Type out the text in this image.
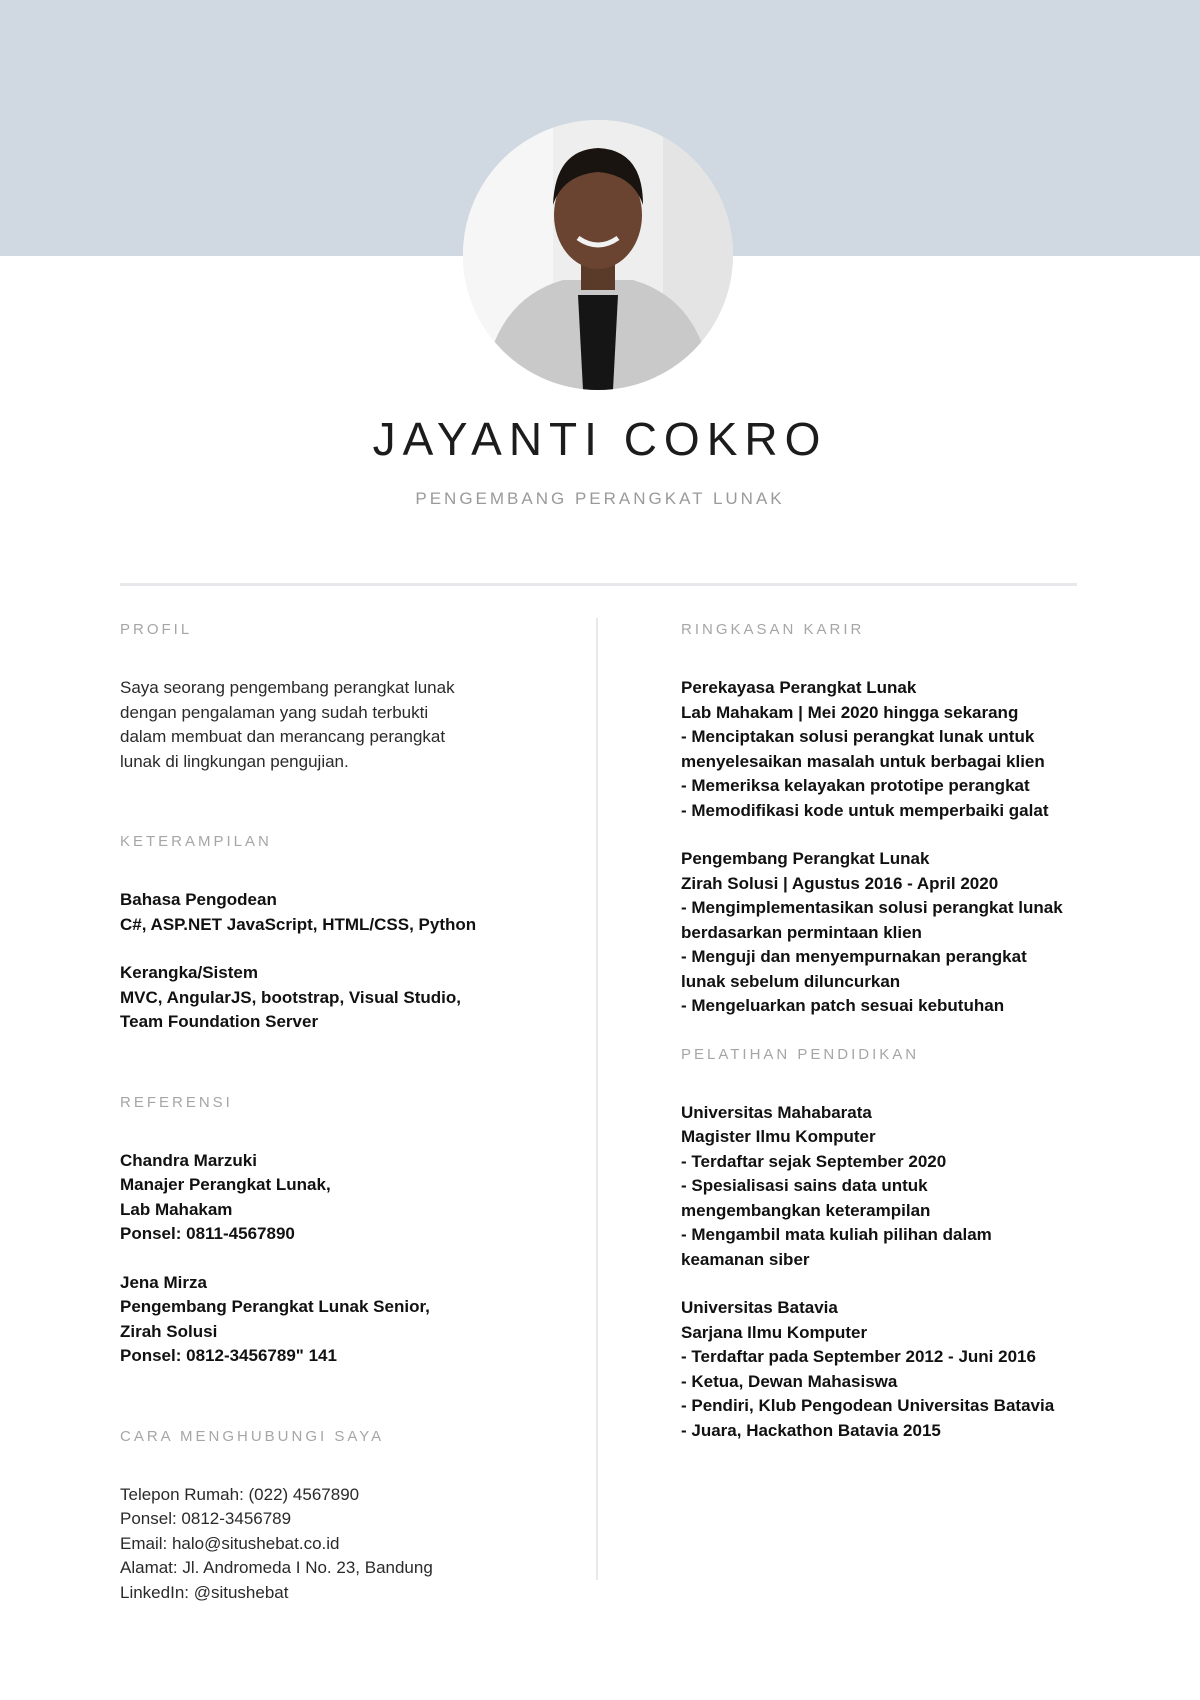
JAYANTI COKRO
PENGEMBANG PERANGKAT LUNAK
PROFIL

Saya seorang pengembang perangkat lunak
dengan pengalaman yang sudah terbukti
dalam membuat dan merancang perangkat
lunak di lingkungan pengujian.

KETERAMPILAN

Bahasa Pengodean
C#, ASP.NET JavaScript, HTML/CSS, Python

Kerangka/Sistem
MVC, AngularJS, bootstrap, Visual Studio,
Team Foundation Server

REFERENSI

Chandra Marzuki
Manajer Perangkat Lunak,
Lab Mahakam
Ponsel: 0811-4567890

Jena Mirza
Pengembang Perangkat Lunak Senior,
Zirah Solusi
Ponsel: 0812-3456789" 141

CARA MENGHUBUNGI SAYA

Telepon Rumah: (022) 4567890
Ponsel: 0812-3456789
Email: halo@situshebat.co.id
Alamat: Jl. Andromeda I No. 23, Bandung
LinkedIn: @situshebat

RINGKASAN KARIR

Perekayasa Perangkat Lunak
Lab Mahakam | Mei 2020 hingga sekarang
- Menciptakan solusi perangkat lunak untuk
menyelesaikan masalah untuk berbagai klien
- Memeriksa kelayakan prototipe perangkat
- Memodifikasi kode untuk memperbaiki galat

Pengembang Perangkat Lunak
Zirah Solusi | Agustus 2016 - April 2020
- Mengimplementasikan solusi perangkat lunak
berdasarkan permintaan klien
- Menguji dan menyempurnakan perangkat
lunak sebelum diluncurkan
- Mengeluarkan patch sesuai kebutuhan

PELATIHAN PENDIDIKAN

Universitas Mahabarata
Magister Ilmu Komputer
- Terdaftar sejak September 2020
- Spesialisasi sains data untuk
mengembangkan keterampilan
- Mengambil mata kuliah pilihan dalam
keamanan siber

Universitas Batavia
Sarjana Ilmu Komputer
- Terdaftar pada September 2012 - Juni 2016
- Ketua, Dewan Mahasiswa
- Pendiri, Klub Pengodean Universitas Batavia
- Juara, Hackathon Batavia 2015
